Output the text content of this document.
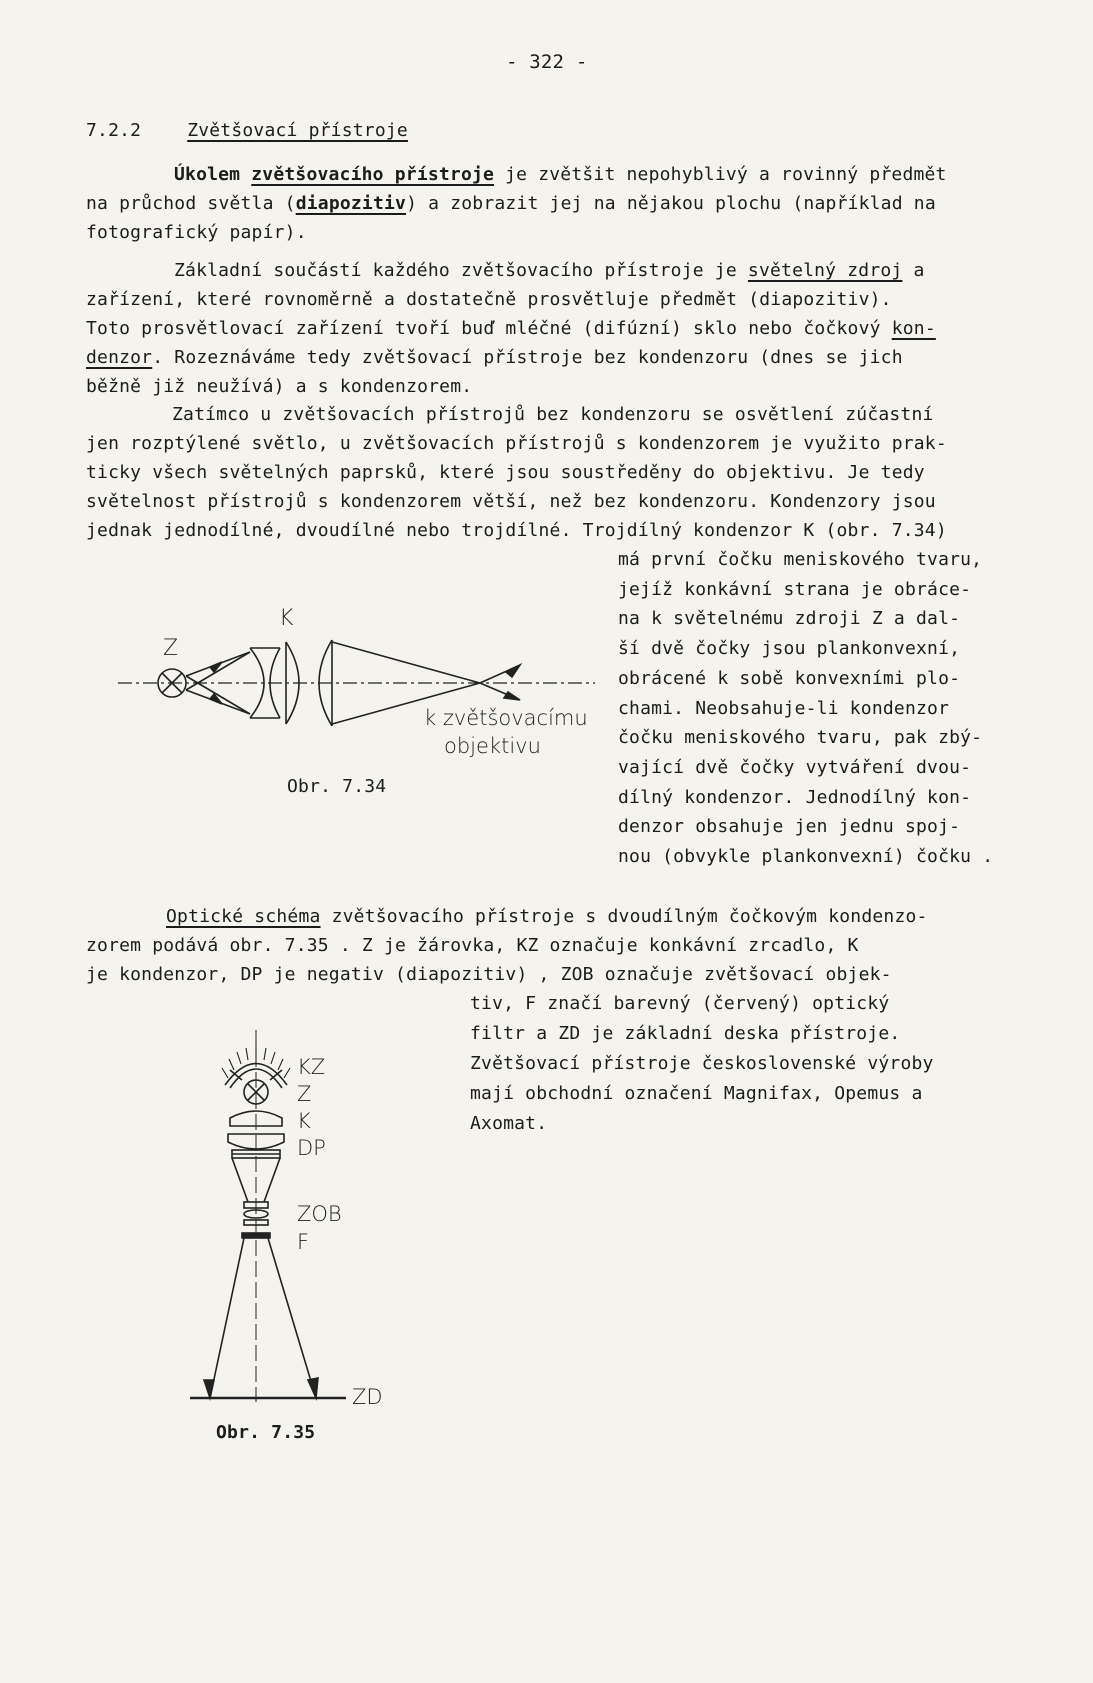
- 322 -
7.2.2	Zvětšovací přístroje
Úkolem zvětšovacího přístroje je zvětšit nepohyblivý a rovinný předmět
na průchod světla (diapozitiv) a zobrazit jej na nějakou plochu (například na
fotografický papír).
Základní součástí každého zvětšovacího přístroje je světelný zdroj a
zařízení, které rovnoměrně a dostatečně prosvětluje předmět (diapozitiv).
Toto prosvětlovací zařízení tvoří buď mléčné (difúzní) sklo nebo čočkový kon-
denzor. Rozeznáváme tedy zvětšovací přístroje bez kondenzoru (dnes se jich
běžně již neužívá) a s kondenzorem.
Zatímco u zvětšovacích přístrojů bez kondenzoru se osvětlení zúčastní
jen rozptýlené světlo, u zvětšovacích přístrojů s kondenzorem je využito prak-
ticky všech světelných paprsků, které jsou soustředěny do objektivu. Je tedy
světelnost přístrojů s kondenzorem větší, než bez kondenzoru. Kondenzory jsou
jednak jednodílné, dvoudílné nebo trojdílné. Trojdílný kondenzor K (obr. 7.34)
má první čočku meniskového tvaru,
jejíž konkávní strana je obráce-
na k světelnému zdroji Z a dal-
ší dvě čočky jsou plankonvexní,
obrácené k sobě konvexními plo-
chami. Neobsahuje-li kondenzor
čočku meniskového tvaru, pak zbý-
vající dvě čočky vytváření dvou-
dílný kondenzor. Jednodílný kon-
denzor obsahuje jen jednu spoj-
nou (obvykle plankonvexní) čočku .
K
Z
k zvětšovacímu
objektivu
Obr. 7.34
Optické schéma zvětšovacího přístroje s dvoudílným čočkovým kondenzo-
zorem podává obr. 7.35 . Z je žárovka, KZ označuje konkávní zrcadlo, K
je kondenzor, DP je negativ (diapozitiv) , ZOB označuje zvětšovací objek-
tiv, F značí barevný (červený) optický
filtr a ZD je základní deska přístroje.
Zvětšovací přístroje československé výroby
mají obchodní označení Magnifax, Opemus a
Axomat.
KZ
Z
K
DP
ZOB
F
ZD
Obr. 7.35
